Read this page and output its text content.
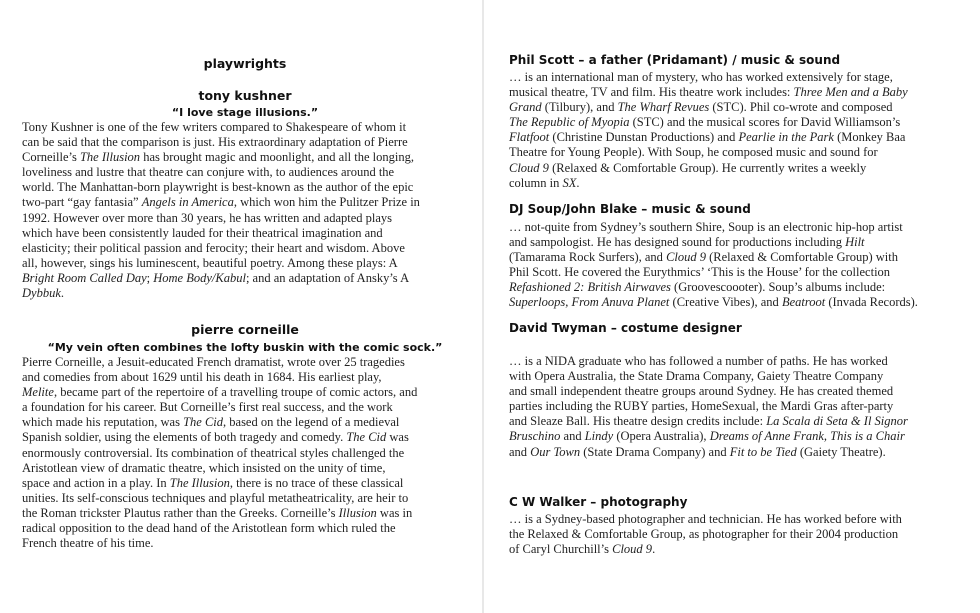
playwrights
tony kushner
“I love stage illusions.”
Tony Kushner is one of the few writers compared to Shakespeare of whom it
can be said that the comparison is just. His extraordinary adaptation of Pierre
Corneille’s The Illusion has brought magic and moonlight, and all the longing,
loveliness and lustre that theatre can conjure with, to audiences around the
world. The Manhattan-born playwright is best-known as the author of the epic
two-part “gay fantasia” Angels in America, which won him the Pulitzer Prize in
1992. However over more than 30 years, he has written and adapted plays
which have been consistently lauded for their theatrical imagination and
elasticity; their political passion and ferocity; their heart and wisdom. Above
all, however, sings his luminescent, beautiful poetry. Among these plays: A
Bright Room Called Day; Home Body/Kabul; and an adaptation of Ansky’s A
Dybbuk.
pierre corneille
“My vein often combines the lofty buskin with the comic sock.”
Pierre Corneille, a Jesuit-educated French dramatist, wrote over 25 tragedies
and comedies from about 1629 until his death in 1684. His earliest play,
Melite, became part of the repertoire of a travelling troupe of comic actors, and
a foundation for his career. But Corneille’s first real success, and the work
which made his reputation, was The Cid, based on the legend of a medieval
Spanish soldier, using the elements of both tragedy and comedy. The Cid was
enormously controversial. Its combination of theatrical styles challenged the
Aristotlean view of dramatic theatre, which insisted on the unity of time,
space and action in a play. In The Illusion, there is no trace of these classical
unities. Its self-conscious techniques and playful metatheatricality, are heir to
the Roman trickster Plautus rather than the Greeks. Corneille’s Illusion was in
radical opposition to the dead hand of the Aristotlean form which ruled the
French theatre of his time.
Phil Scott – a father (Pridamant) / music & sound
… is an international man of mystery, who has worked extensively for stage,
musical theatre, TV and film. His theatre work includes: Three Men and a Baby
Grand (Tilbury), and The Wharf Revues (STC). Phil co-wrote and composed
The Republic of Myopia (STC) and the musical scores for David Williamson’s
Flatfoot (Christine Dunstan Productions) and Pearlie in the Park (Monkey Baa
Theatre for Young People). With Soup, he composed music and sound for
Cloud 9 (Relaxed & Comfortable Group). He currently writes a weekly
column in SX.
DJ Soup/John Blake – music & sound
… not-quite from Sydney’s southern Shire, Soup is an electronic hip-hop artist
and sampologist. He has designed sound for productions including Hilt
(Tamarama Rock Surfers), and Cloud 9 (Relaxed & Comfortable Group) with
Phil Scott. He covered the Eurythmics’ ‘This is the House’ for the collection
Refashioned 2: British Airwaves (Groovescoooter). Soup’s albums include:
Superloops, From Anuva Planet (Creative Vibes), and Beatroot (Invada Records).
David Twyman – costume designer
… is a NIDA graduate who has followed a number of paths. He has worked
with Opera Australia, the State Drama Company, Gaiety Theatre Company
and small independent theatre groups around Sydney. He has created themed
parties including the RUBY parties, HomeSexual, the Mardi Gras after-party
and Sleaze Ball. His theatre design credits include: La Scala di Seta & Il Signor
Bruschino and Lindy (Opera Australia), Dreams of Anne Frank, This is a Chair
and Our Town (State Drama Company) and Fit to be Tied (Gaiety Theatre).
C W Walker – photography
… is a Sydney-based photographer and technician. He has worked before with
the Relaxed & Comfortable Group, as photographer for their 2004 production
of Caryl Churchill’s Cloud 9.
